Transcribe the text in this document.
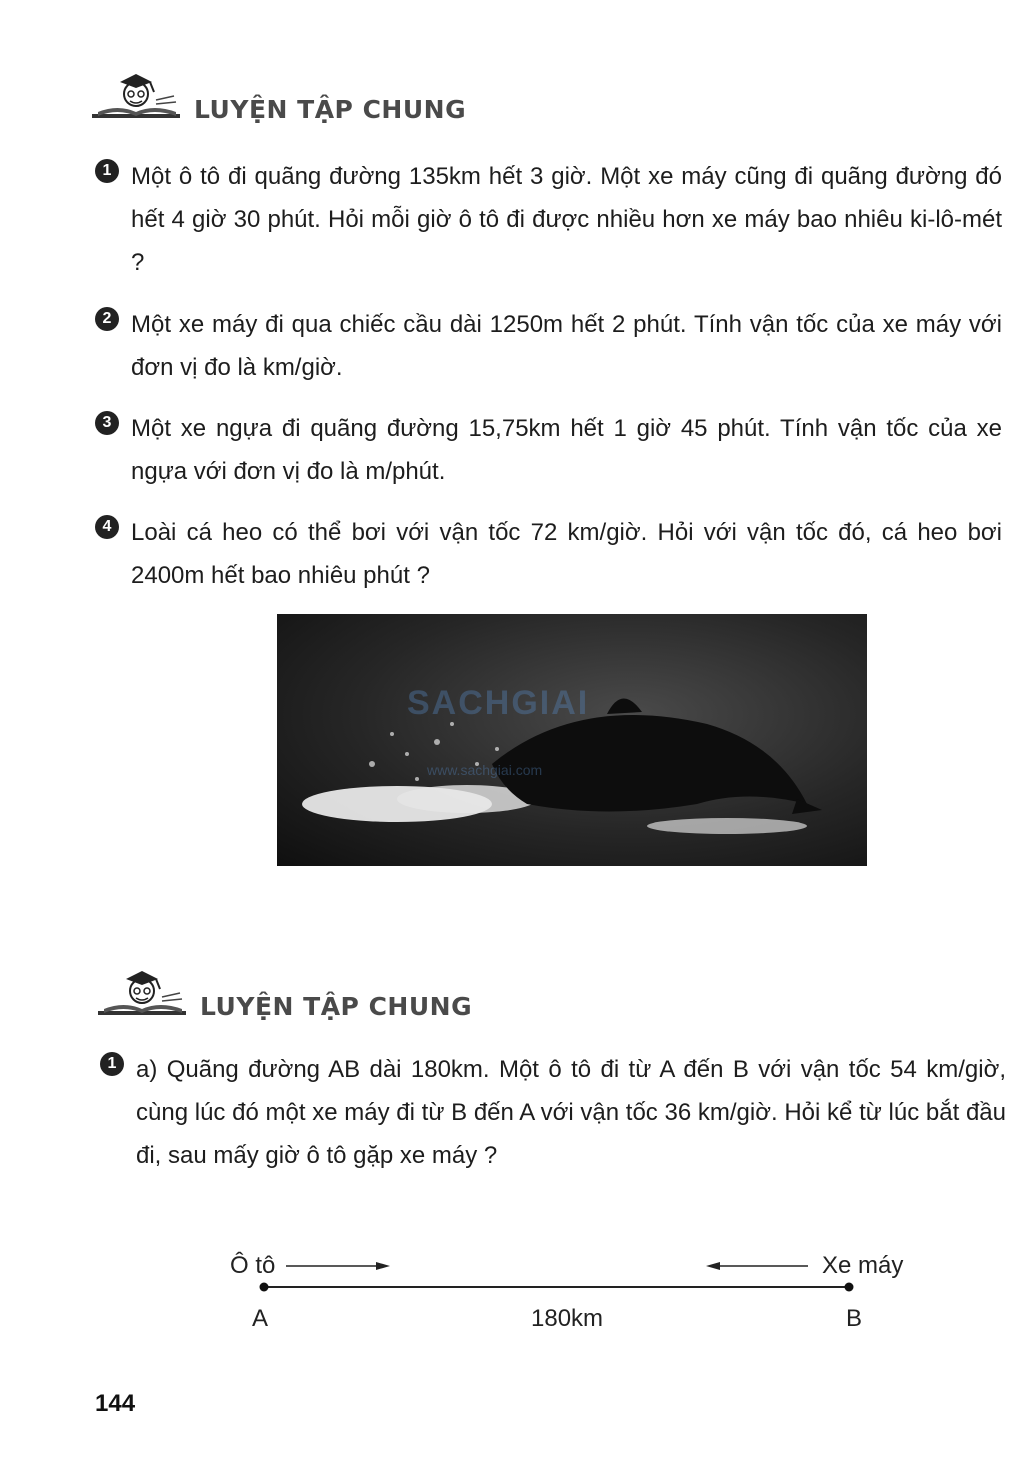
LUYỆN TẬP CHUNG
1 Một ô tô đi quãng đường 135km hết 3 giờ. Một xe máy cũng đi quãng đường đó hết 4 giờ 30 phút. Hỏi mỗi giờ ô tô đi được nhiều hơn xe máy bao nhiêu ki-lô-mét ?
2 Một xe máy đi qua chiếc cầu dài 1250m hết 2 phút. Tính vận tốc của xe máy với đơn vị đo là km/giờ.
3 Một xe ngựa đi quãng đường 15,75km hết 1 giờ 45 phút. Tính vận tốc của xe ngựa với đơn vị đo là m/phút.
4 Loài cá heo có thể bơi với vận tốc 72 km/giờ. Hỏi với vận tốc đó, cá heo bơi 2400m hết bao nhiêu phút ?
SACHGIAI
www.sachgiai.com
LUYỆN TẬP CHUNG
1 a) Quãng đường AB dài 180km. Một ô tô đi từ A đến B với vận tốc 54 km/giờ, cùng lúc đó một xe máy đi từ B đến A với vận tốc 36 km/giờ. Hỏi kể từ lúc bắt đầu đi, sau mấy giờ ô tô gặp xe máy ?
Ô tô	Xe máy
A	180km	B
144
